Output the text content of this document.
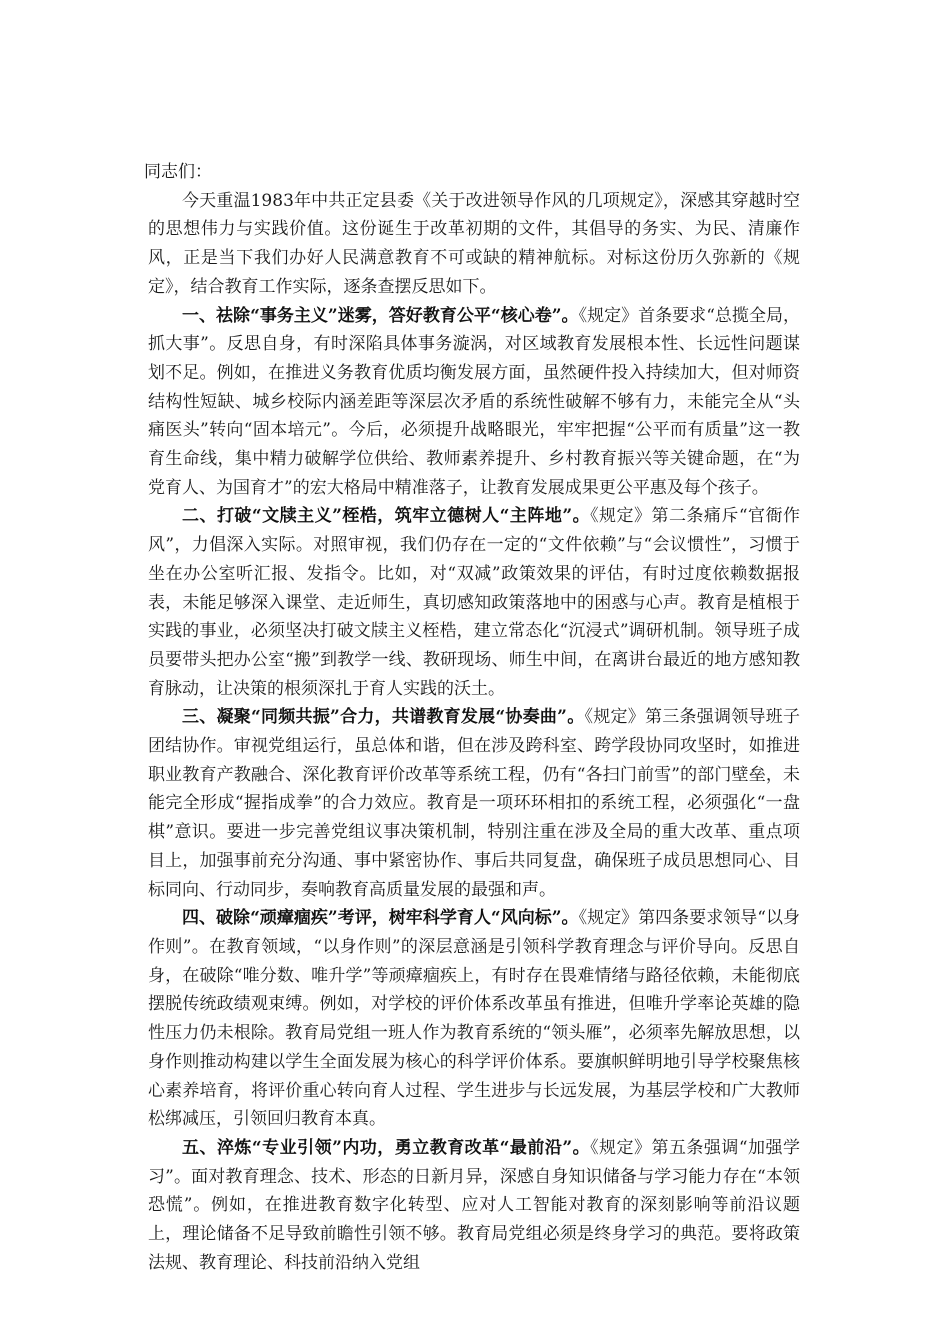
同志们：

今天重温1983年中共正定县委《关于改进领导作风的几项规定》，深感其穿越时空的思想伟力与实践价值。这份诞生于改革初期的文件，其倡导的务实、为民、清廉作风，正是当下我们办好人民满意教育不可或缺的精神航标。对标这份历久弥新的《规定》，结合教育工作实际，逐条查摆反思如下。

一、祛除“事务主义”迷雾，答好教育公平“核心卷”。《规定》首条要求“总揽全局，抓大事”。反思自身，有时深陷具体事务漩涡，对区域教育发展根本性、长远性问题谋划不足。例如，在推进义务教育优质均衡发展方面，虽然硬件投入持续加大，但对师资结构性短缺、城乡校际内涵差距等深层次矛盾的系统性破解不够有力，未能完全从“头痛医头”转向“固本培元”。今后，必须提升战略眼光，牢牢把握“公平而有质量”这一教育生命线，集中精力破解学位供给、教师素养提升、乡村教育振兴等关键命题，在“为党育人、为国育才”的宏大格局中精准落子，让教育发展成果更公平惠及每个孩子。

二、打破“文牍主义”桎梏，筑牢立德树人“主阵地”。《规定》第二条痛斥“官衙作风”，力倡深入实际。对照审视，我们仍存在一定的“文件依赖”与“会议惯性”，习惯于坐在办公室听汇报、发指令。比如，对“双减”政策效果的评估，有时过度依赖数据报表，未能足够深入课堂、走近师生，真切感知政策落地中的困惑与心声。教育是植根于实践的事业，必须坚决打破文牍主义桎梏，建立常态化“沉浸式”调研机制。领导班子成员要带头把办公室“搬”到教学一线、教研现场、师生中间，在离讲台最近的地方感知教育脉动，让决策的根须深扎于育人实践的沃土。

三、凝聚“同频共振”合力，共谱教育发展“协奏曲”。《规定》第三条强调领导班子团结协作。审视党组运行，虽总体和谐，但在涉及跨科室、跨学段协同攻坚时，如推进职业教育产教融合、深化教育评价改革等系统工程，仍有“各扫门前雪”的部门壁垒，未能完全形成“握指成拳”的合力效应。教育是一项环环相扣的系统工程，必须强化“一盘棋”意识。要进一步完善党组议事决策机制，特别注重在涉及全局的重大改革、重点项目上，加强事前充分沟通、事中紧密协作、事后共同复盘，确保班子成员思想同心、目标同向、行动同步，奏响教育高质量发展的最强和声。

四、破除“顽瘴痼疾”考评，树牢科学育人“风向标”。《规定》第四条要求领导“以身作则”。在教育领域，“以身作则”的深层意涵是引领科学教育理念与评价导向。反思自身，在破除“唯分数、唯升学”等顽瘴痼疾上，有时存在畏难情绪与路径依赖，未能彻底摆脱传统政绩观束缚。例如，对学校的评价体系改革虽有推进，但唯升学率论英雄的隐性压力仍未根除。教育局党组一班人作为教育系统的“领头雁”，必须率先解放思想，以身作则推动构建以学生全面发展为核心的科学评价体系。要旗帜鲜明地引导学校聚焦核心素养培育，将评价重心转向育人过程、学生进步与长远发展，为基层学校和广大教师松绑减压，引领回归教育本真。

五、淬炼“专业引领”内功，勇立教育改革“最前沿”。《规定》第五条强调“加强学习”。面对教育理念、技术、形态的日新月异，深感自身知识储备与学习能力存在“本领恐慌”。例如，在推进教育数字化转型、应对人工智能对教育的深刻影响等前沿议题上，理论储备不足导致前瞻性引领不够。教育局党组必须是终身学习的典范。要将政策法规、教育理论、科技前沿纳入党组
